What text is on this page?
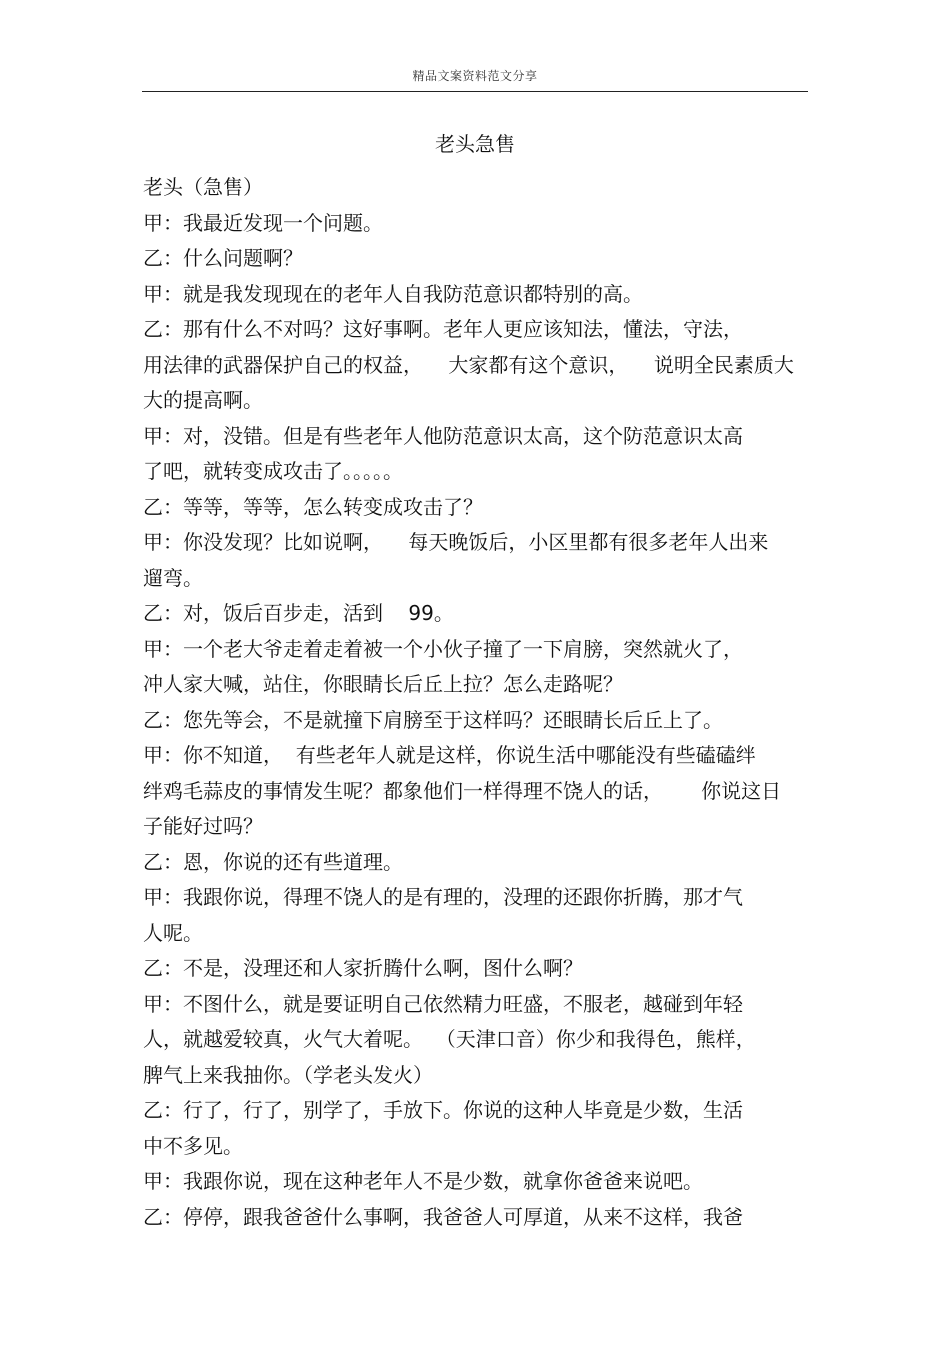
精品文案资料范文分享
老头急售
老头（急售）
甲：我最近发现一个问题。
乙：什么问题啊？
甲：就是我发现现在的老年人自我防范意识都特别的高。
乙：那有什么不对吗？这好事啊。老年人更应该知法，懂法，守法，
用法律的武器保护自己的权益，    大家都有这个意识，    说明全民素质大
大的提高啊。
甲：对，没错。但是有些老年人他防范意识太高，这个防范意识太高
了吧，就转变成攻击了。。。。。
乙：等等，等等，怎么转变成攻击了？
甲：你没发现？比如说啊，    每天晚饭后，小区里都有很多老年人出来
遛弯。
乙：对，饭后百步走，活到    99。
甲：一个老大爷走着走着被一个小伙子撞了一下肩膀，突然就火了，
冲人家大喊，站住，你眼睛长后丘上拉？怎么走路呢？
乙：您先等会，不是就撞下肩膀至于这样吗？还眼睛长后丘上了。
甲：你不知道，  有些老年人就是这样，你说生活中哪能没有些磕磕绊
绊鸡毛蒜皮的事情发生呢？都象他们一样得理不饶人的话，      你说这日
子能好过吗？
乙：恩，你说的还有些道理。
甲：我跟你说，得理不饶人的是有理的，没理的还跟你折腾，那才气
人呢。
乙：不是，没理还和人家折腾什么啊，图什么啊？
甲：不图什么，就是要证明自己依然精力旺盛，不服老，越碰到年轻
人，就越爱较真，火气大着呢。  （天津口音）你少和我得色，熊样，
脾气上来我抽你。（学老头发火）
乙：行了，行了，别学了，手放下。你说的这种人毕竟是少数，生活
中不多见。
甲：我跟你说，现在这种老年人不是少数，就拿你爸爸来说吧。
乙：停停，跟我爸爸什么事啊，我爸爸人可厚道，从来不这样，我爸
